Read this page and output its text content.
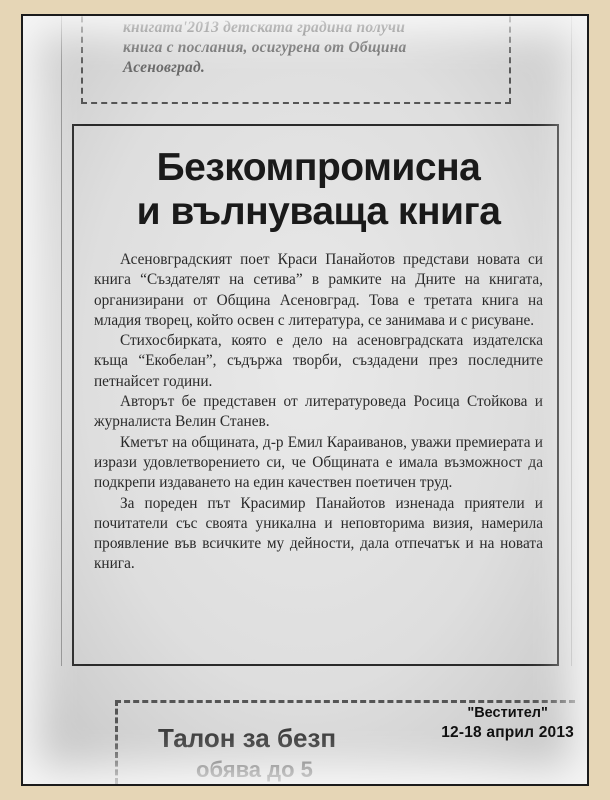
книгата'2013 детската градина получи

книга с послания, осигурена от Община

Асеновград.

Безкомпромисна
и вълнуваща книга

Асеновградският поет Краси Панайотов представи новата си книга “Създателят на сетива” в рамките на Дните на книгата, организирани от Община Асеновград. Това е третата книга на младия творец, който освен с литература, се занимава и с рисуване.

Стихосбирката, която е дело на асеновградската издателска къща “Екобелан”, съдържа творби, създадени през последните петнайсет години.

Авторът бе представен от литературоведа Росица Стойкова и журналиста Велин Станев.

Кметът на общината, д-р Емил Караиванов, уважи премиерата и изрази удовлетворението си, че Общината е имала възможност да подкрепи издаването на един качествен поетичен труд.

За пореден път Красимир Панайотов изненада приятели и почитатели със своята уникална и неповторима визия, намерила проявление във всичките му дейности, дала отпечатък и на новата книга.

Талон за безп
обява до 5
"Вестител"
12-18 април 2013
